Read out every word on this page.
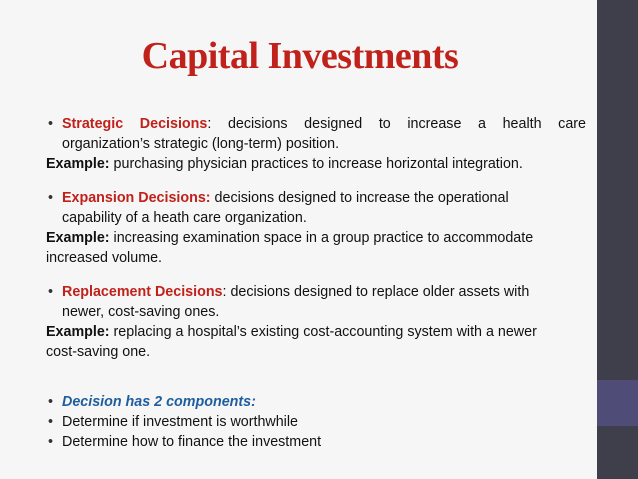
Capital Investments
• Strategic Decisions: decisions designed to increase a health care
organization’s strategic (long-term) position.
Example: purchasing physician practices to increase horizontal integration.
• Expansion Decisions: decisions designed to increase the operational
capability of a heath care organization.
Example: increasing examination space in a group practice to accommodate
increased volume.
• Replacement Decisions: decisions designed to replace older assets with
newer, cost-saving ones.
Example: replacing a hospital’s existing cost-accounting system with a newer
cost-saving one.
• Decision has 2 components:
• Determine if investment is worthwhile
• Determine how to finance the investment
